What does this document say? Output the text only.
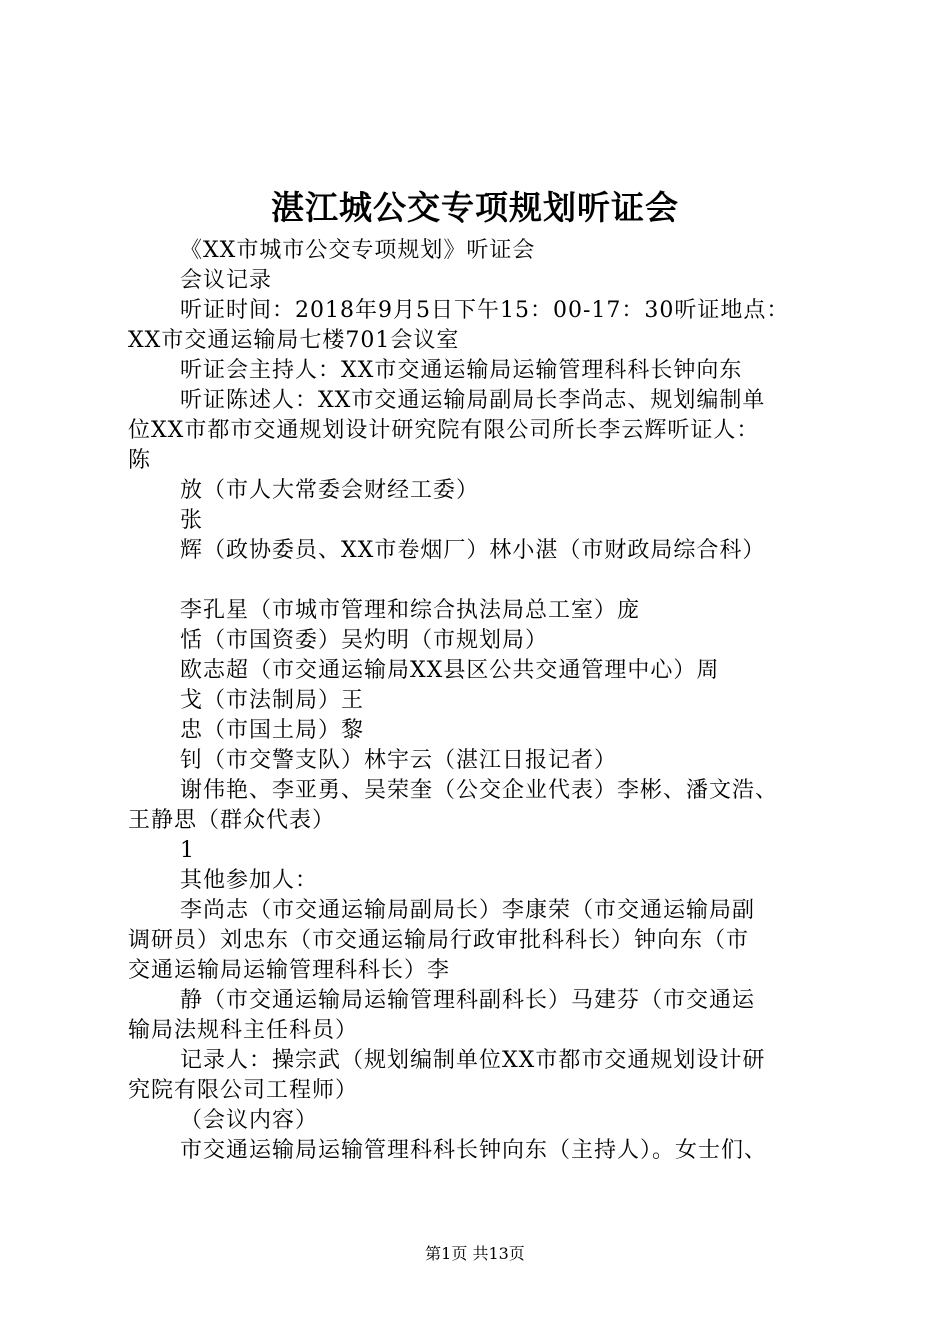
湛江城公交专项规划听证会
《XX市城市公交专项规划》听证会
会议记录
听证时间：2018年9月5日下午15：00-17：30听证地点：
XX市交通运输局七楼701会议室
听证会主持人：XX市交通运输局运输管理科科长钟向东
听证陈述人：XX市交通运输局副局长李尚志、规划编制单
位XX市都市交通规划设计研究院有限公司所长李云辉听证人：
陈
放（市人大常委会财经工委）
张
辉（政协委员、XX市卷烟厂）林小湛（市财政局综合科）
李孔星（市城市管理和综合执法局总工室）庞
恬（市国资委）吴灼明（市规划局）
欧志超（市交通运输局XX县区公共交通管理中心）周
戈（市法制局）王
忠（市国土局）黎
钊（市交警支队）林宇云（湛江日报记者）
谢伟艳、李亚勇、吴荣奎（公交企业代表）李彬、潘文浩、
王静思（群众代表）
1
其他参加人：
李尚志（市交通运输局副局长）李康荣（市交通运输局副
调研员）刘忠东（市交通运输局行政审批科科长）钟向东（市
交通运输局运输管理科科长）李
静（市交通运输局运输管理科副科长）马建芬（市交通运
输局法规科主任科员）
记录人：操宗武（规划编制单位XX市都市交通规划设计研
究院有限公司工程师）
（会议内容）
市交通运输局运输管理科科长钟向东（主持人）。女士们、
第1页 共13页
